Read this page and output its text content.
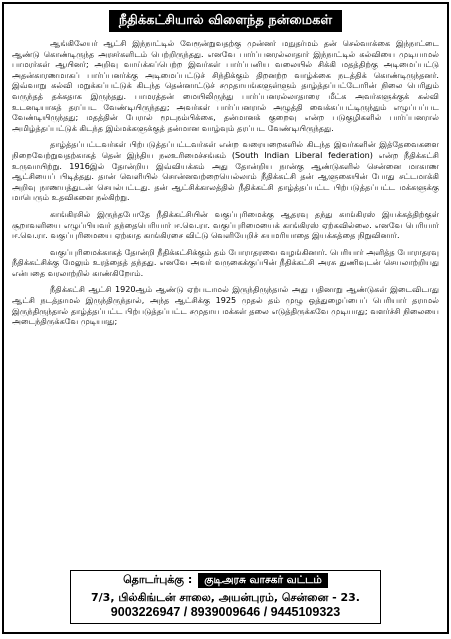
நீதிக்கட்சியால் விளைந்த நன்மைகள்

ஆங்கிலேயர் ஆட்சி இந்நாட்டில் வேரூன்றுவதற்கு முன்னர் மநுதர்மம் தன் செல்வாக்கை இந்நாட்டை ஆண்டு கொண்டிருந்த அரசர்களிடம் பெற்றிருந்தது. எனவே பார்ப்பனரல்லாதார் இந்நாட்டில் கல்வியை முடியாமல் பாமரர்கள் ஆயினர்; அறிவு வாய்க்கப்பெற்ற இவர்கள் பார்ப்பனிய வலையில் சிக்கி மதத்திற்கு அடிமைப்பட்டு அதன்காரணமாகப் பார்ப்பனர்க்கு அடிமைப்பட்டுச் சிந்திக்கும் திறனற்ற வாழ்க்கை நடத்திக் கொண்டிருந்தனர். இவ்வாறு கல்வி மறுக்கப்பட்டுக் கிடந்த தென்னாட்டுச் சமுதாயங்களுள்ளும் தாழ்த்தப்பட்டோரின் நிலை பெரிதும் வருந்தத் தக்கதாக இருந்தது. பாமரத்தன் மையிலிருந்து பார்ப்பனரல்லாதாரை மீட்க அவர்களுக்குக் கல்வி உடனடியாகத் தரப்பட வேண்டியிருந்தது; அவர்கள் பார்ப்பனரால் அழுத்தி வைக்கப்பட்டிருந்தும் எழுப்பப்பட வேண்டியிருந்தது; மதத்தின் பேரால் மூடநம்பிக்கை, தன்மானக் குறைவு என்ற படுகுழிகளில் பார்ப்பனரால் அமிழ்த்தப்பட்டுக் கிடந்த இம்மக்களுக்குத் தன்மான வாழ்வும் தரப்பட வேண்டியிருந்தது.

தாழ்த்தப்பட்டவர்கள் பிற்படுத்தப்பட்டவர்கள் என்ற வரையறைகளில் கிடந்த இவர்களின் இத்தேவைகளை நிறைவேற்றுவதற்காகத் தென் இந்திய நலஉரிமைச்சங்கம் (South Indian Liberal federation) என்ற நீதிக்கட்சி உருவாயிற்று. 1916இல் தோன்றிய இவ்வியக்கம் அது தோன்றிய நான்கு ஆண்டுகளில் சென்னை மாகாண ஆட்சியைப் பிடித்தது. தான் வெளியில் சொன்னவற்றையெல்லாம் நீதிக்கட்சி தன் ஆளுகையின் போது சட்டமாக்கி அறிவு நாணயத்துடன் செயல்பட்டது. தன் ஆட்சிக்காலத்தில் நீதிக்கட்சி தாழ்த்தப்பட்ட பிற்படுத்தப்பட்ட மக்களுக்கு மாபெரும் உதவிகளை நல்கிற்று.

காங்கிரசில் இருந்தபோதே நீதிக்கட்சியின் வகுப்புரிமைக்கு ஆதரவு தந்து காங்கிரஸ் இயக்கத்திற்குள் சூறாவளியை எழுப்பியவர் தந்தைபெரியார் ஈ.வெ.ரா. வகுப்புரிமையைக் காங்கிரஸ் ஏற்கவில்லை. எனவே பெரியார் ஈ.வெ.ரா. வகுப்புரிமையை ஏற்காத காங்கிரசை விட்டு வெளியேறிச் சுயமரியாதை இயக்கத்தை நிறுவினார்.

வகுப்புரிமைக்காகத் தோன்றி நீதிக்கட்சிக்கும் தம் போராதரவை வழங்கினார். பெரியார் அளித்த போராதரவு நீதிக்கட்சிக்கு மேலும் உரத்தைத் தந்தது. எனவே அவர் வருகைக்குப்பின் நீதிக்கட்சி அரசு துணிவுடன் செயலாற்றியது என்பதை வரலாற்றில் காண்கிறோம்.

நீதிக்கட்சி ஆட்சி 1920ஆம் ஆண்டு ஏற்படாமல் இருந்திருந்தால் அது பதினாறு ஆண்டுகள் இடைவிடாது ஆட்சி நடத்தாமல் இருந்திருந்தால், அந்த ஆட்சிக்கு 1925 முதல் தம் முழு ஒத்துழைப்பைப் பெரியார் தராமல் இருந்திருந்தால் தாழ்த்தப்பட்ட பிற்படுத்தப்பட்ட சமுதாய மக்கள் தலை எடுத்திருக்கவே முடியாது; வளர்ச்சி நிலையை அடைந்திருக்கவே முடியாது;

தொடர்புக்கு :	குடிஅரசு வாசகர் வட்டம்
7/3, பில்கிங்டன் சாலை, அயன்புரம், சென்னை - 23.
9003226947 / 8939009646 / 9445109323
